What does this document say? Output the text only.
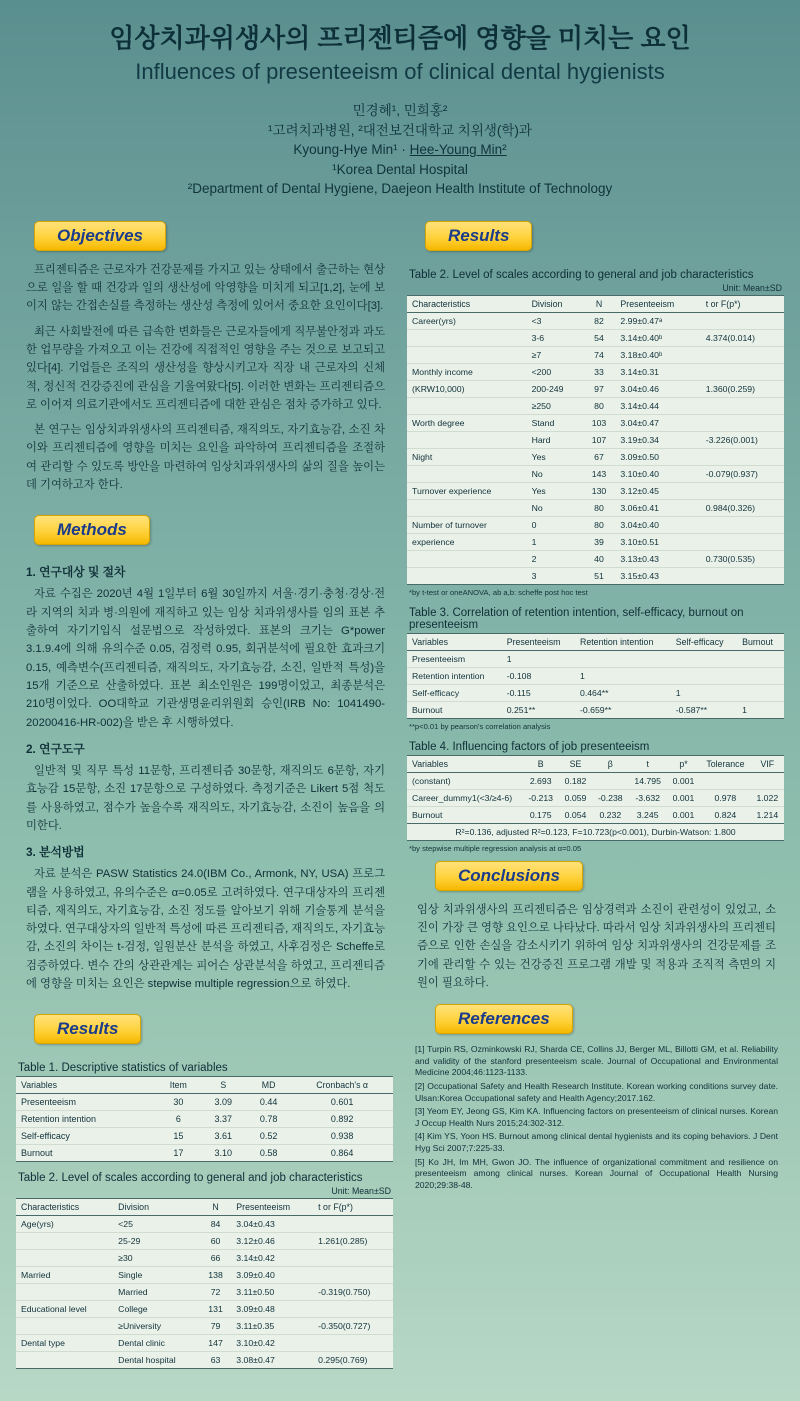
임상치과위생사의 프리젠티즘에 영향을 미치는 요인
Influences of presenteeism of clinical dental hygienists
민경혜¹, 민희홍²
¹고려치과병원, ²대전보건대학교 치위생(학)과
Kyoung-Hye Min¹ · Hee-Young Min²
¹Korea Dental Hospital
²Department of Dental Hygiene, Daejeon Health Institute of Technology
Objectives

프리젠티즘은 근로자가 건강문제를 가지고 있는 상태에서 출근하는 현상으로 일을 할 때 건강과 일의 생산성에 악영향을 미치게 되고[1,2], 눈에 보이지 않는 간접손실를 측정하는 생산성 측정에 있어서 중요한 요인이다[3].

최근 사회발전에 따른 급속한 변화들은 근로자들에게 직무불안정과 과도한 업무량을 가져오고 이는 건강에 직접적인 영향을 주는 것으로 보고되고 있다[4]. 기업들은 조직의 생산성을 향상시키고자 직장 내 근로자의 신체적, 정신적 건강증진에 관심을 기울여왔다[5]. 이러한 변화는 프리젠티즘으로 이어져 의료기관에서도 프리젠티즘에 대한 관심은 점차 증가하고 있다.

본 연구는 임상치과위생사의 프리젠티즘, 재직의도, 자기효능감, 소진 차이와 프리젠티즘에 영향을 미치는 요인을 파악하여 프리젠티즘을 조절하여 관리할 수 있도록 방안을 마련하여 임상치과위생사의 삶의 질을 높이는데 기여하고자 한다.

Methods
1. 연구대상 및 절차

자료 수집은 2020년 4월 1일부터 6월 30일까지 서울·경기·충청·경상·전라 지역의 치과 병·의원에 재직하고 있는 임상 치과위생사를 임의 표본 추출하여 자기기입식 설문법으로 작성하였다. 표본의 크기는 G*power 3.1.9.4에 의해 유의수준 0.05, 검정력 0.95, 회귀분석에 필요한 효과크기 0.15, 예측변수(프리젠티즘, 재직의도, 자기효능감, 소진, 일반적 특성)을 15개 기준으로 산출하였다. 표본 최소인원은 199명이었고, 최종분석은 210명이었다. OO대학교 기관생명윤리위원회 승인(IRB No: 1041490-20200416-HR-002)을 받은 후 시행하였다.

2. 연구도구

일반적 및 직무 특성 11문항, 프리젠티즘 30문항, 재직의도 6문항, 자기효능감 15문항, 소진 17문항으로 구성하였다. 측정기준은 Likert 5점 척도를 사용하였고, 점수가 높을수록 재직의도, 자기효능감, 소진이 높음을 의미한다.

3. 분석방법

자료 분석은 PASW Statistics 24.0(IBM Co., Armonk, NY, USA) 프로그램을 사용하였고, 유의수준은 α=0.05로 고려하였다. 연구대상자의 프리젠티즘, 재직의도, 자기효능감, 소진 정도를 알아보기 위해 기술통계 분석을 하였다. 연구대상자의 일반적 특성에 따른 프리젠티즘, 재직의도, 자기효능감, 소진의 차이는 t-검정, 일원분산 분석을 하였고, 사후검정은 Scheffe로 검증하였다. 변수 간의 상관관계는 피어슨 상관분석을 하였고, 프리젠티즘에 영향을 미치는 요인은 stepwise multiple regression으로 하였다.

Results
Table 1. Descriptive statistics of variables
Variables	Item	S	MD	Cronbach's α
Presenteeism	30	3.09	0.44	0.601
Retention intention	6	3.37	0.78	0.892
Self-efficacy	15	3.61	0.52	0.938
Burnout	17	3.10	0.58	0.864
Table 2. Level of scales according to general and job characteristics
Unit: Mean±SD
Characteristics	Division	N	Presenteeism	t or F(p*)
Age(yrs)	<25	84	3.04±0.43	
	25-29	60	3.12±0.46	1.261(0.285)
	≥30	66	3.14±0.42	
Married	Single	138	3.09±0.40	
	Married	72	3.11±0.50	-0.319(0.750)
Educational level	College	131	3.09±0.48	
	≥University	79	3.11±0.35	-0.350(0.727)
Dental type	Dental clinic	147	3.10±0.42	
	Dental hospital	63	3.08±0.47	0.295(0.769)
Results
Table 2. Level of scales according to general and job characteristics
Unit: Mean±SD
Characteristics	Division	N	Presenteeism	t or F(p*)
Career(yrs)	<3	82	2.99±0.47ᵃ	
	3-6	54	3.14±0.40ᵇ	4.374(0.014)
	≥7	74	3.18±0.40ᵇ	
Monthly income	<200	33	3.14±0.31	
(KRW10,000)	200-249	97	3.04±0.46	1.360(0.259)
	≥250	80	3.14±0.44	
Worth degree	Stand	103	3.04±0.47	
	Hard	107	3.19±0.34	-3.226(0.001)
Night	Yes	67	3.09±0.50	
	No	143	3.10±0.40	-0.079(0.937)
Turnover experience	Yes	130	3.12±0.45	
	No	80	3.06±0.41	0.984(0.326)
Number of turnover	0	80	3.04±0.40	
experience	1	39	3.10±0.51	
	2	40	3.13±0.43	0.730(0.535)
	3	51	3.15±0.43	
*by t-test or oneANOVA, ab a,b: scheffe post hoc test
Table 3. Correlation of retention intention, self-efficacy, burnout on presenteeism
Variables	Presenteeism	Retention intention	Self-efficacy	Burnout
Presenteeism	1			
Retention intention	-0.108	1		
Self-efficacy	-0.115	0.464**	1	
Burnout	0.251**	-0.659**	-0.587**	1
**p<0.01 by pearson's correlation analysis
Table 4. Influencing factors of job presenteeism
Variables	B	SE	β	t	p*	Tolerance	VIF
(constant)	2.693	0.182		14.795	0.001		
Career_dummy1(<3/≥4-6)	-0.213	0.059	-0.238	-3.632	0.001	0.978	1.022
Burnout	0.175	0.054	0.232	3.245	0.001	0.824	1.214
R²=0.136, adjusted R²=0.123, F=10.723(p<0.001), Durbin-Watson: 1.800							
*by stepwise multiple regression analysis at α=0.05
Conclusions
임상 치과위생사의 프리젠티즘은 임상경력과 소진이 관련성이 있었고, 소진이 가장 큰 영향 요인으로 나타났다. 따라서 임상 치과위생사의 프리젠티즘으로 인한 손실을 감소시키기 위하여 임상 치과위생사의 건강문제를 조기에 관리할 수 있는 건강증진 프로그램 개발 및 적용과 조직적 측면의 지원이 필요하다.
References

[1] Turpin RS, Ozminkowski RJ, Sharda CE, Collins JJ, Berger ML, Billotti GM, et al. Reliability and validity of the stanford presenteeism scale. Journal of Occupational and Environmental Medicine 2004;46:1123-1133.

[2] Occupational Safety and Health Research Institute. Korean working conditions survey date. Ulsan:Korea Occupational safety and Health Agency;2017.162.

[3] Yeom EY, Jeong GS, Kim KA. Influencing factors on presenteeism of clinical nurses. Korean J Occup Health Nurs 2015;24:302-312.

[4] Kim YS, Yoon HS. Burnout among clinical dental hygienists and its coping behaviors. J Dent Hyg Sci 2007;7:225-33.

[5] Ko JH, Im MH, Gwon JO. The influence of organizational commitment and resilience on presenteeism among clinical nurses. Korean Journal of Occupational Health Nursing 2020;29:38-48.
